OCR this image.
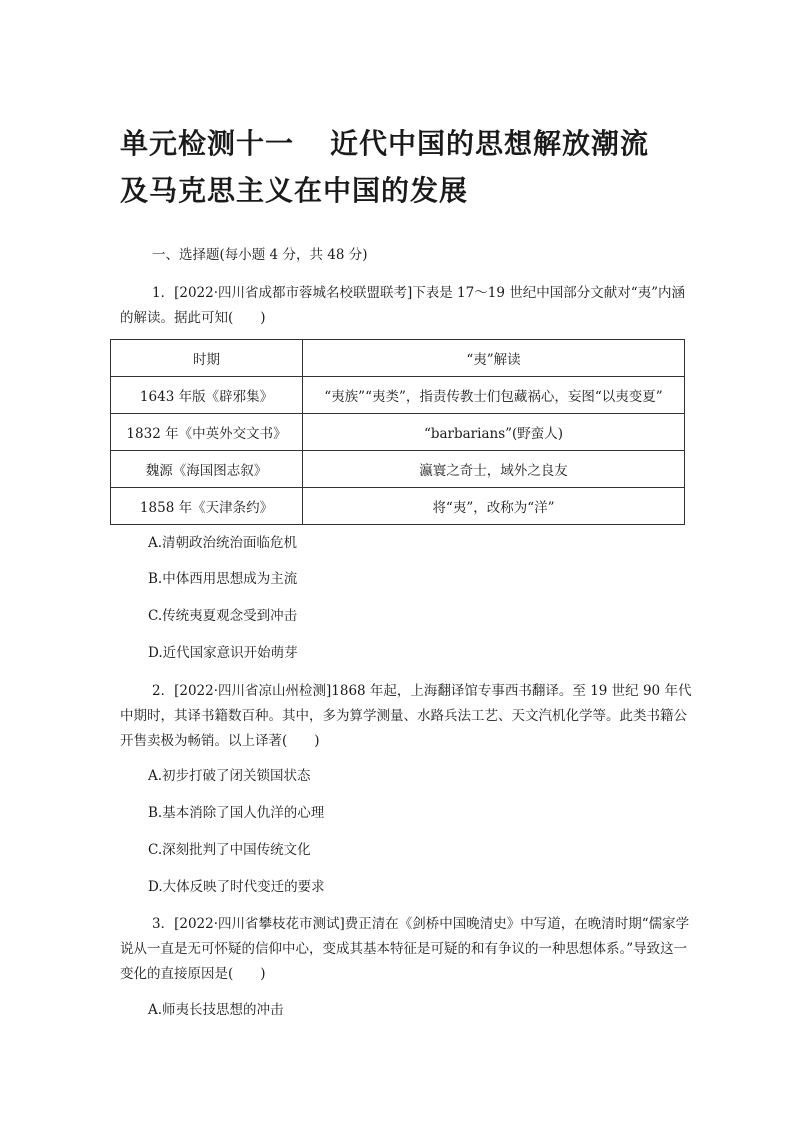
单元检测十一 近代中国的思想解放潮流
及马克思主义在中国的发展
一、选择题(每小题 4 分，共 48 分)
1．[2022·四川省成都市蓉城名校联盟联考]下表是 17～19 世纪中国部分文献对“夷”内涵的解读。据此可知(　　)
时期	“夷”解读
1643 年版《辟邪集》	“夷族”“夷类”，指责传教士们包藏祸心，妄图“以夷变夏”
1832 年《中英外交文书》	“barbarians”(野蛮人)
魏源《海国图志叙》	瀛寰之奇士，域外之良友
1858 年《天津条约》	将“夷”，改称为“洋”
A.清朝政治统治面临危机
B.中体西用思想成为主流
C.传统夷夏观念受到冲击
D.近代国家意识开始萌芽
2．[2022·四川省凉山州检测]1868 年起，上海翻译馆专事西书翻译。至 19 世纪 90 年代中期时，其译书籍数百种。其中，多为算学测量、水路兵法工艺、天文汽机化学等。此类书籍公开售卖极为畅销。以上译著(　　)
A.初步打破了闭关锁国状态
B.基本消除了国人仇洋的心理
C.深刻批判了中国传统文化
D.大体反映了时代变迁的要求
3．[2022·四川省攀枝花市测试]费正清在《剑桥中国晚清史》中写道，在晚清时期“儒家学说从一直是无可怀疑的信仰中心，变成其基本特征是可疑的和有争议的一种思想体系。”导致这一变化的直接原因是(　　)
A.师夷长技思想的冲击
